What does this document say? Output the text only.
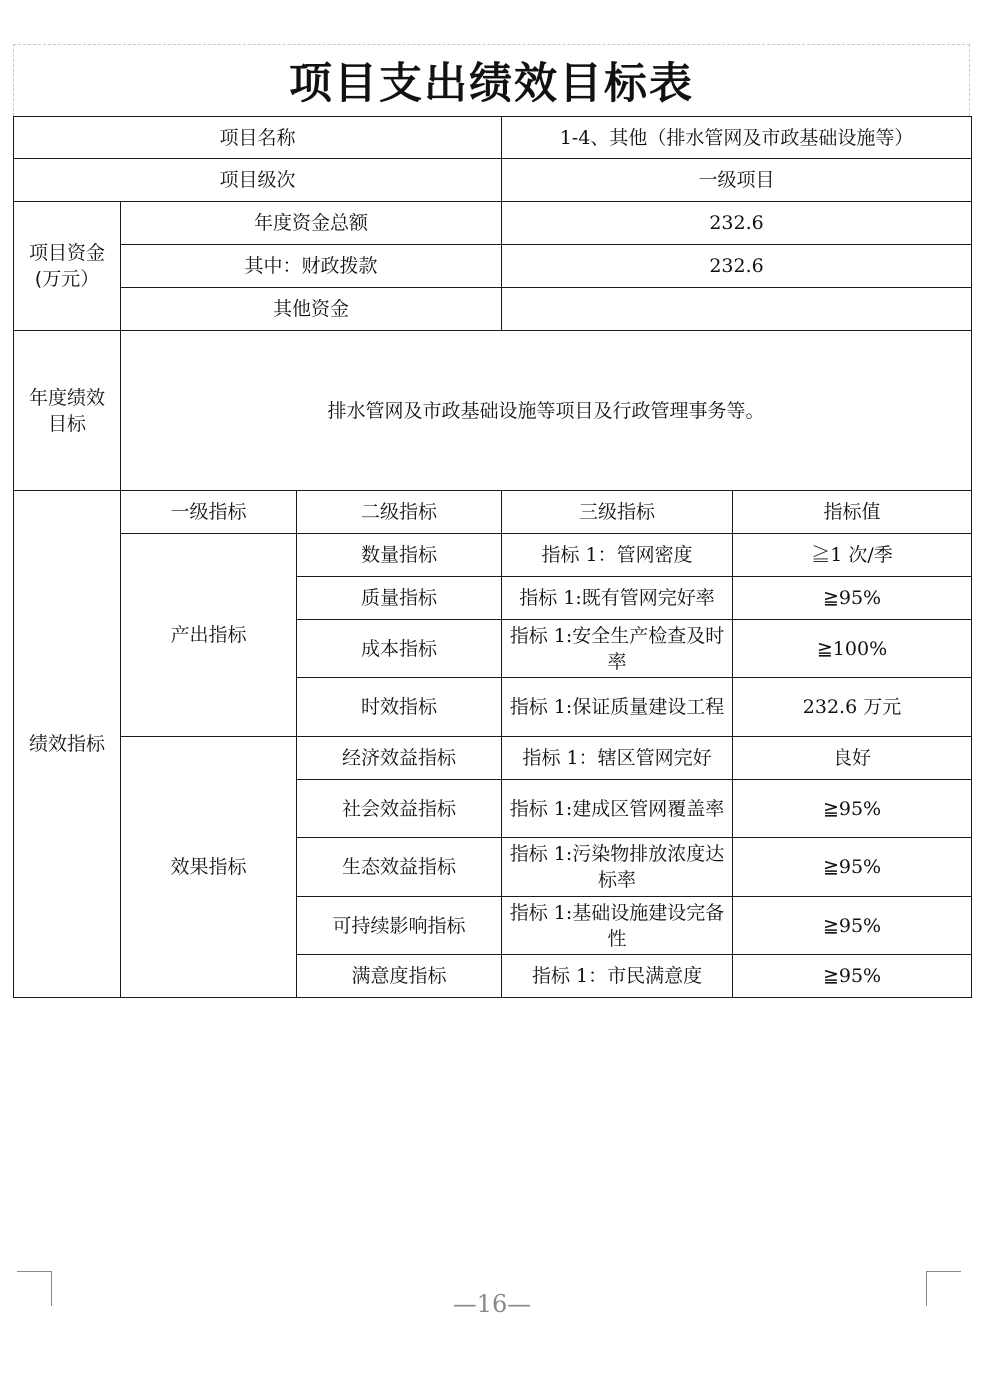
项目支出绩效目标表
项目名称			1-4、其他（排水管网及市政基础设施等）	
项目级次			一级项目	
项目资金
(万元）	年度资金总额		232.6	
	其中：财政拨款		232.6	
	其他资金			
年度绩效
目标	排水管网及市政基础设施等项目及行政管理事务等。			
绩效指标	一级指标	二级指标	三级指标	指标值
	产出指标	数量指标	指标 1：管网密度	≧1 次/季
		质量指标	指标 1:既有管网完好率	≧95%
		成本指标	指标 1:安全生产检查及时率	≧100%
		时效指标	指标 1:保证质量建设工程	232.6 万元
	效果指标	经济效益指标	指标 1：辖区管网完好	良好
		社会效益指标	指标 1:建成区管网覆盖率	≧95%
		生态效益指标	指标 1:污染物排放浓度达标率	≧95%
		可持续影响指标	指标 1:基础设施建设完备性	≧95%
		满意度指标	指标 1：市民满意度	≧95%
—16—
